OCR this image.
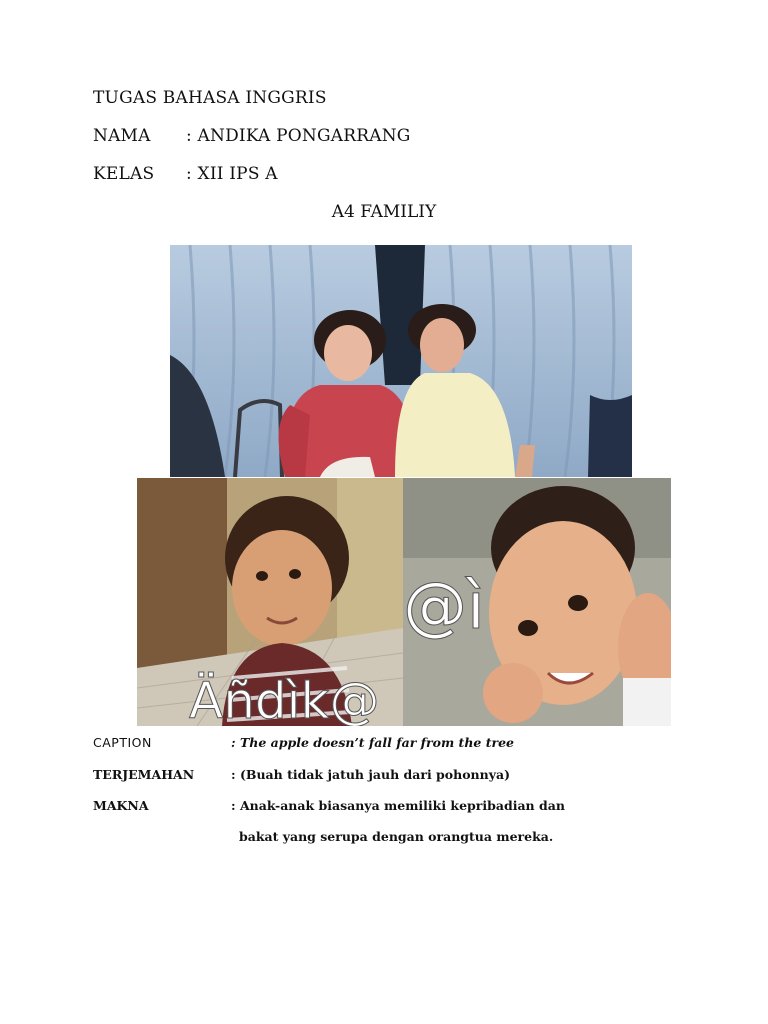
TUGAS BAHASA INGGRIS
NAMA : ANDIKA PONGARRANG
KELAS : XII IPS A
A4 FAMILIY
Äñdìk@
@ì
CAPTION	: The apple doesn’t fall far from the tree
TERJEMAHAN	: (Buah tidak jatuh jauh dari pohonnya)
MAKNA	: Anak-anak biasanya memiliki kepribadian dan
bakat yang serupa dengan orangtua mereka.
